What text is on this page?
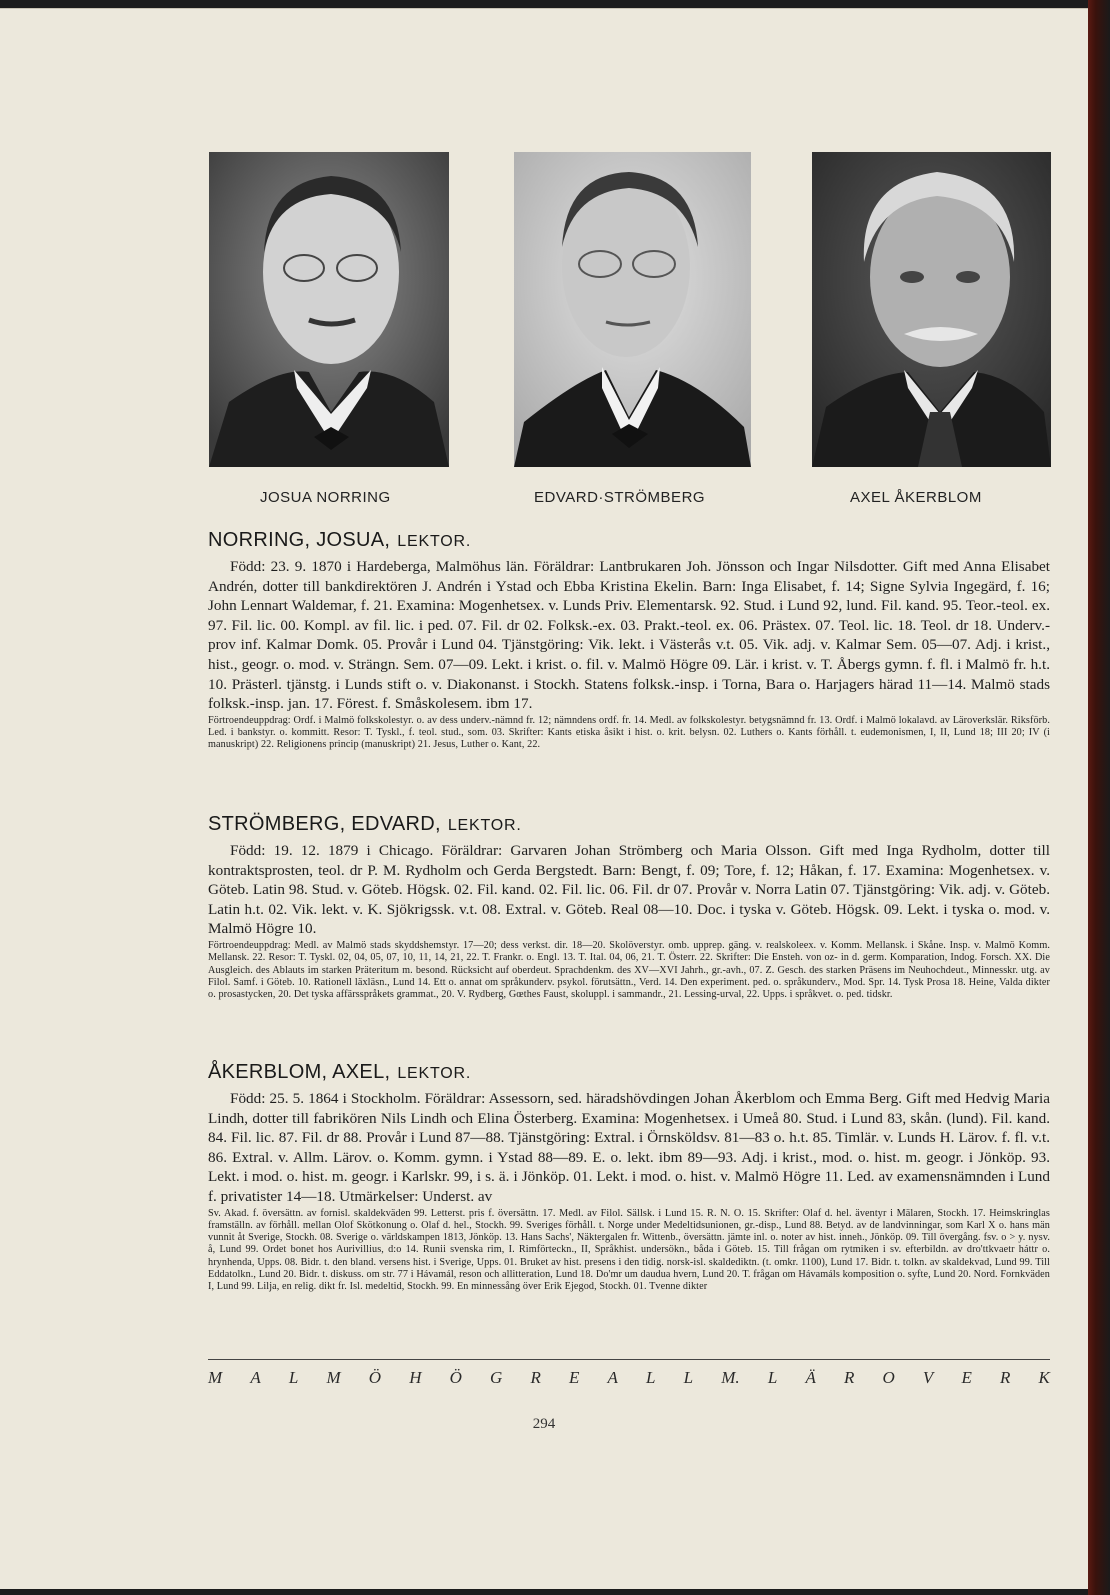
JOSUA NORRING	EDVARD·STRÖMBERG	AXEL ÅKERBLOM
NORRING, JOSUA, LEKTOR.

Född: 23. 9. 1870 i Hardeberga, Malmöhus län. Föräldrar: Lantbrukaren Joh. Jönsson och Ingar Nilsdotter. Gift med Anna Elisabet Andrén, dotter till bankdirektören J. Andrén i Ystad och Ebba Kristina Ekelin. Barn: Inga Elisabet, f. 14; Signe Sylvia Ingegärd, f. 16; John Lennart Waldemar, f. 21. Examina: Mogenhetsex. v. Lunds Priv. Elementarsk. 92. Stud. i Lund 92, lund. Fil. kand. 95. Teor.-teol. ex. 97. Fil. lic. 00. Kompl. av fil. lic. i ped. 07. Fil. dr 02. Folksk.-ex. 03. Prakt.-teol. ex. 06. Prästex. 07. Teol. lic. 18. Teol. dr 18. Underv.-prov inf. Kalmar Domk. 05. Provår i Lund 04. Tjänstgöring: Vik. lekt. i Västerås v.t. 05. Vik. adj. v. Kalmar Sem. 05—07. Adj. i krist., hist., geogr. o. mod. v. Strängn. Sem. 07—09. Lekt. i krist. o. fil. v. Malmö Högre 09. Lär. i krist. v. T. Åbergs gymn. f. fl. i Malmö fr. h.t. 10. Prästerl. tjänstg. i Lunds stift o. v. Diakonanst. i Stockh. Statens folksk.-insp. i Torna, Bara o. Harjagers härad 11—14. Malmö stads folksk.-insp. jan. 17. Förest. f. Småskolesem. ibm 17.

Förtroendeuppdrag: Ordf. i Malmö folkskolestyr. o. av dess underv.-nämnd fr. 12; nämndens ordf. fr. 14. Medl. av folkskolestyr. betygsnämnd fr. 13. Ordf. i Malmö lokalavd. av Läroverkslär. Riksförb. Led. i bankstyr. o. kommitt. Resor: T. Tyskl., f. teol. stud., som. 03. Skrifter: Kants etiska åsikt i hist. o. krit. belysn. 02. Luthers o. Kants förhåll. t. eudemonismen, I, II, Lund 18; III 20; IV (i manuskript) 22. Religionens princip (manuskript) 21. Jesus, Luther o. Kant, 22.

STRÖMBERG, EDVARD, LEKTOR.

Född: 19. 12. 1879 i Chicago. Föräldrar: Garvaren Johan Strömberg och Maria Olsson. Gift med Inga Rydholm, dotter till kontraktsprosten, teol. dr P. M. Rydholm och Gerda Bergstedt. Barn: Bengt, f. 09; Tore, f. 12; Håkan, f. 17. Examina: Mogenhetsex. v. Göteb. Latin 98. Stud. v. Göteb. Högsk. 02. Fil. kand. 02. Fil. lic. 06. Fil. dr 07. Provår v. Norra Latin 07. Tjänstgöring: Vik. adj. v. Göteb. Latin h.t. 02. Vik. lekt. v. K. Sjökrigssk. v.t. 08. Extral. v. Göteb. Real 08—10. Doc. i tyska v. Göteb. Högsk. 09. Lekt. i tyska o. mod. v. Malmö Högre 10.

Förtroendeuppdrag: Medl. av Malmö stads skyddshemstyr. 17—20; dess verkst. dir. 18—20. Skolöverstyr. omb. upprep. gäng. v. realskoleex. v. Komm. Mellansk. i Skåne. Insp. v. Malmö Komm. Mellansk. 22. Resor: T. Tyskl. 02, 04, 05, 07, 10, 11, 14, 21, 22. T. Frankr. o. Engl. 13. T. Ital. 04, 06, 21. T. Österr. 22. Skrifter: Die Ensteh. von oz- in d. germ. Komparation, Indog. Forsch. XX. Die Ausgleich. des Ablauts im starken Präteritum m. besond. Rücksicht auf oberdeut. Sprachdenkm. des XV—XVI Jahrh., gr.-avh., 07. Z. Gesch. des starken Präsens im Neuhochdeut., Minnesskr. utg. av Filol. Samf. i Göteb. 10. Rationell läxläsn., Lund 14. Ett o. annat om språkunderv. psykol. förutsättn., Verd. 14. Den experiment. ped. o. språkunderv., Mod. Spr. 14. Tysk Prosa 18. Heine, Valda dikter o. prosastycken, 20. Det tyska affärsspråkets grammat., 20. V. Rydberg, Gœthes Faust, skoluppl. i sammandr., 21. Lessing-urval, 22. Upps. i språkvet. o. ped. tidskr.

ÅKERBLOM, AXEL, LEKTOR.

Född: 25. 5. 1864 i Stockholm. Föräldrar: Assessorn, sed. häradshövdingen Johan Åkerblom och Emma Berg. Gift med Hedvig Maria Lindh, dotter till fabrikören Nils Lindh och Elina Österberg. Examina: Mogenhetsex. i Umeå 80. Stud. i Lund 83, skån. (lund). Fil. kand. 84. Fil. lic. 87. Fil. dr 88. Provår i Lund 87—88. Tjänstgöring: Extral. i Örnsköldsv. 81—83 o. h.t. 85. Timlär. v. Lunds H. Lärov. f. fl. v.t. 86. Extral. v. Allm. Lärov. o. Komm. gymn. i Ystad 88—89. E. o. lekt. ibm 89—93. Adj. i krist., mod. o. hist. m. geogr. i Jönköp. 93. Lekt. i mod. o. hist. m. geogr. i Karlskr. 99, i s. ä. i Jönköp. 01. Lekt. i mod. o. hist. v. Malmö Högre 11. Led. av examensnämnden i Lund f. privatister 14—18. Utmärkelser: Underst. av

Sv. Akad. f. översättn. av fornisl. skaldekväden 99. Letterst. pris f. översättn. 17. Medl. av Filol. Sällsk. i Lund 15. R. N. O. 15. Skrifter: Olaf d. hel. äventyr i Mälaren, Stockh. 17. Heimskringlas framställn. av förhåll. mellan Olof Skötkonung o. Olaf d. hel., Stockh. 99. Sveriges förhåll. t. Norge under Medeltidsunionen, gr.-disp., Lund 88. Betyd. av de landvinningar, som Karl X o. hans män vunnit åt Sverige, Stockh. 08. Sverige o. världskampen 1813, Jönköp. 13. Hans Sachs', Näktergalen fr. Wittenb., översättn. jämte inl. o. noter av hist. inneh., Jönköp. 09. Till övergång. fsv. o > y. nysv. å, Lund 99. Ordet bonet hos Aurivillius, d:o 14. Runii svenska rim, I. Rimförteckn., II, Språkhist. undersökn., båda i Göteb. 15. Till frågan om rytmiken i sv. efterbildn. av dro'ttkvaetr háttr o. hrynhenda, Upps. 08. Bidr. t. den bland. versens hist. i Sverige, Upps. 01. Bruket av hist. presens i den tidig. norsk-isl. skaldediktn. (t. omkr. 1100), Lund 17. Bidr. t. tolkn. av skaldekvad, Lund 99. Till Eddatolkn., Lund 20. Bidr. t. diskuss. om str. 77 i Hávamál, reson och allitteration, Lund 18. Do'mr um daudua hvern, Lund 20. T. frågan om Hávamáls komposition o. syfte, Lund 20. Nord. Fornkväden I, Lund 99. Lilja, en relig. dikt fr. Isl. medeltid, Stockh. 99. En minnessång över Erik Ejegod, Stockh. 01. Tvenne dikter

M A L M Ö H Ö G R E A L L M. L Ä R O V E R K
294
